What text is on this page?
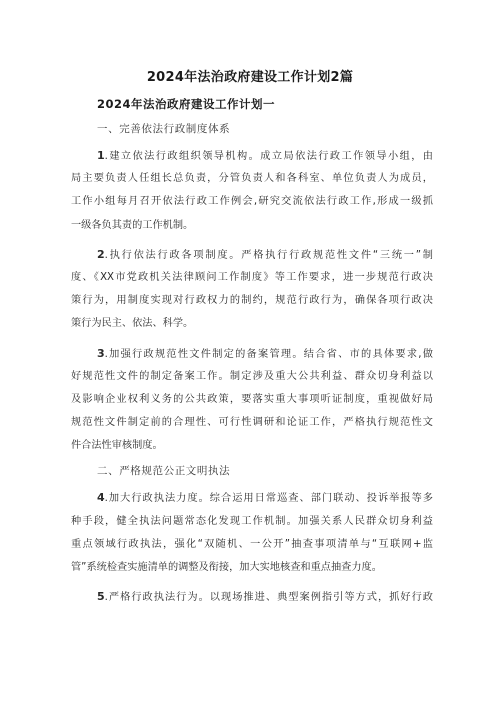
2024年法治政府建设工作计划2篇
2024年法治政府建设工作计划一

一、完善依法行政制度体系

1.建立依法行政组织领导机构。成立局依法行政工作领导小组，由
局主要负责人任组长总负责，分管负责人和各科室、单位负责人为成员，
工作小组每月召开依法行政工作例会,研究交流依法行政工作,形成一级抓
一级各负其责的工作机制。
2.执行依法行政各项制度。严格执行行政规范性文件“三统一”制
度、《XX市党政机关法律顾问工作制度》等工作要求，进一步规范行政决
策行为，用制度实现对行政权力的制约，规范行政行为，确保各项行政决
策行为民主、依法、科学。
3.加强行政规范性文件制定的备案管理。结合省、市的具体要求,做
好规范性文件的制定备案工作。制定涉及重大公共利益、群众切身利益以
及影响企业权利义务的公共政策，要落实重大事项听证制度，重视做好局
规范性文件制定前的合理性、可行性调研和论证工作，严格执行规范性文
件合法性审核制度。

二、严格规范公正文明执法

4.加大行政执法力度。综合运用日常巡查、部门联动、投诉举报等多
种手段，健全执法问题常态化发现工作机制。加强关系人民群众切身利益
重点领域行政执法，强化“双随机、一公开”抽查事项清单与“互联网+监
管”系统检查实施清单的调整及衔接，加大实地核查和重点抽查力度。
5.严格行政执法行为。以现场推进、典型案例指引等方式，抓好行政
